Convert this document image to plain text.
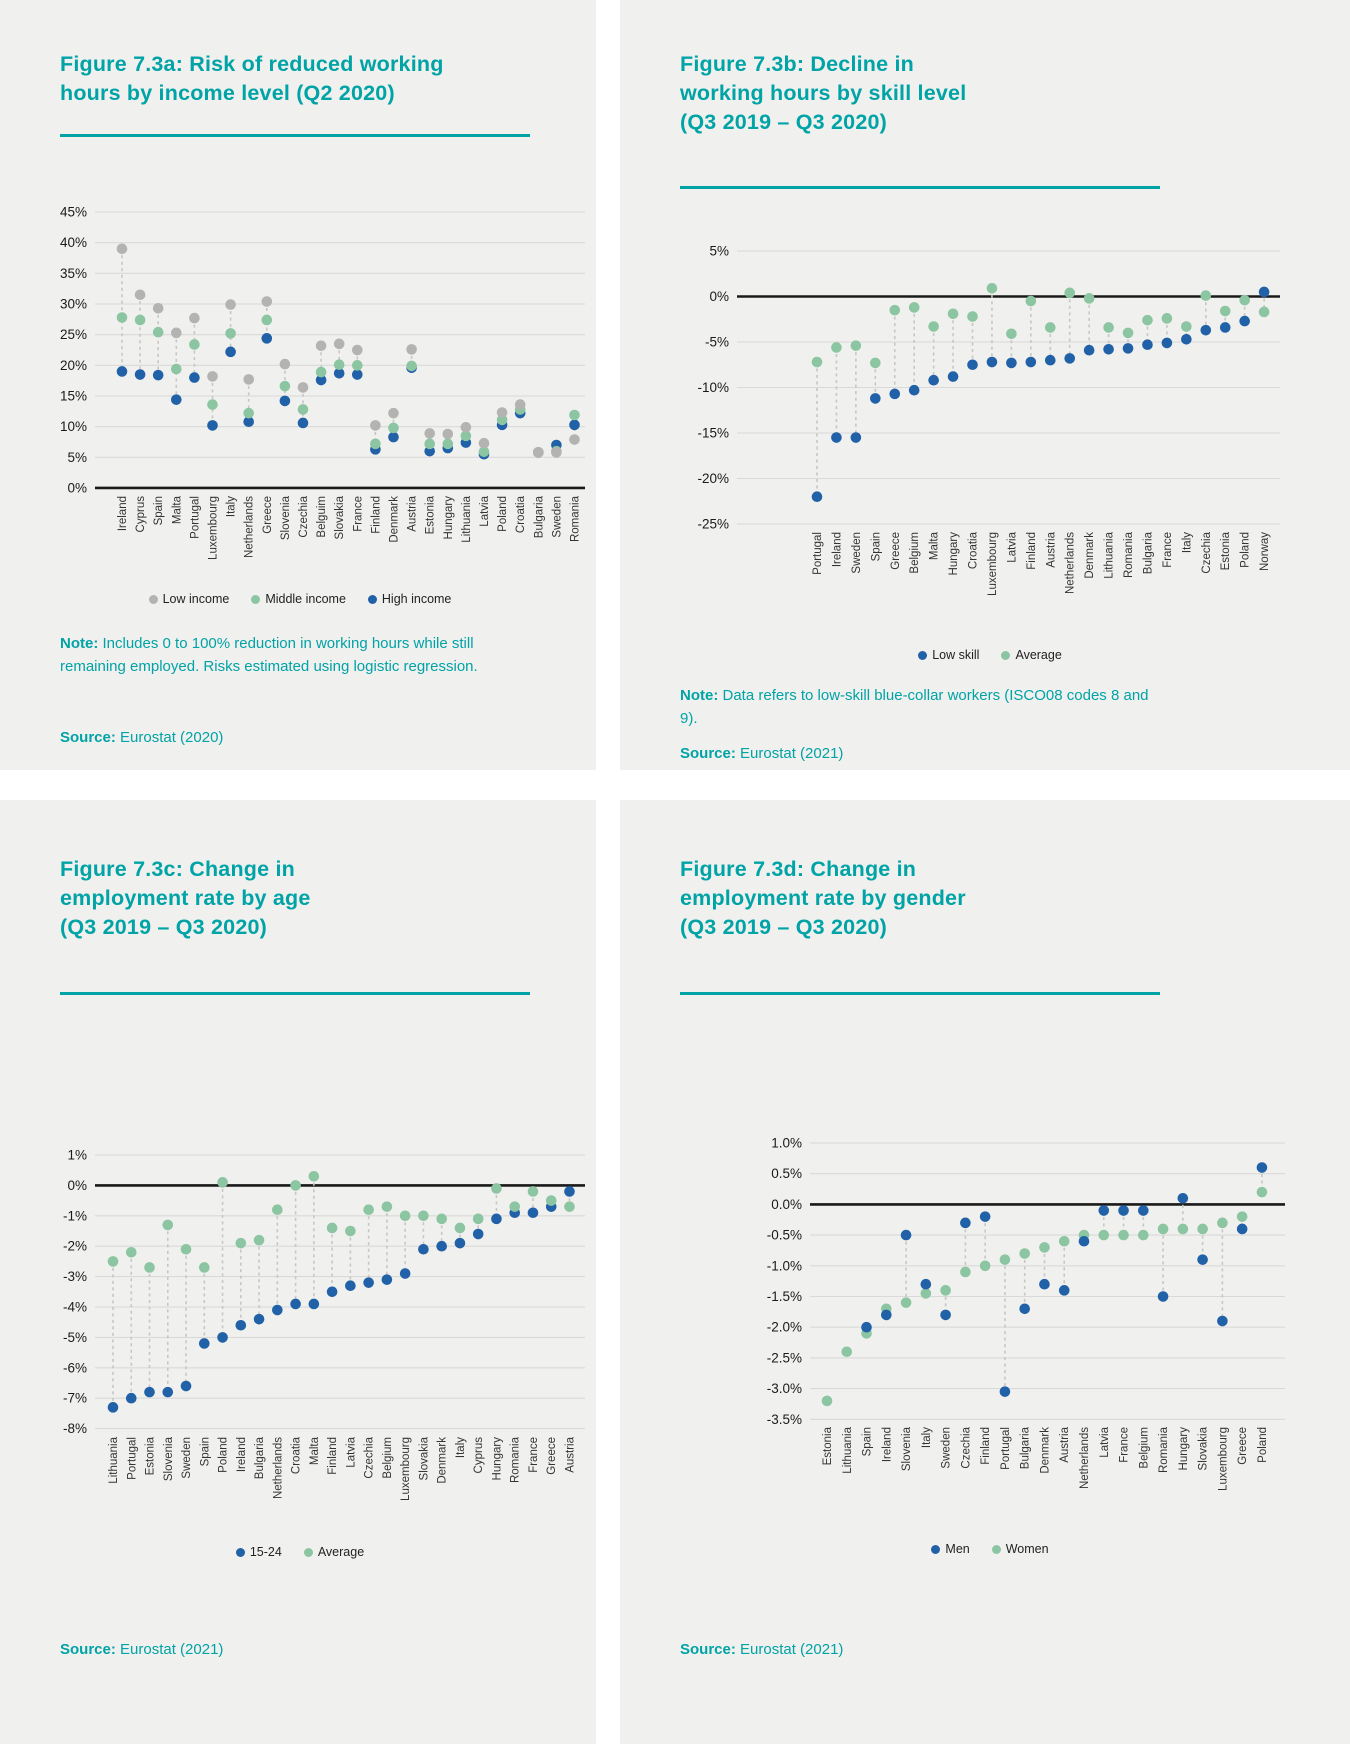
Figure 7.3a: Risk of reduced working
hours by income level (Q2 2020)
45%
40%
35%
30%
25%
20%
15%
10%
5%
0%
Ireland Cyprus Spain Malta Portugal Luxembourg Italy Netherlands Greece Slovenia Czechia Belguim Slovakia France Finland Denmark Austria Estonia Hungary Lithuania Latvia Poland Croatia Bulgaria Sweden Romania
Low income	Middle income	High income

Note: Includes 0 to 100% reduction in working hours while still remaining employed. Risks estimated using logistic regression.

Source: Eurostat (2020)

Figure 7.3b: Decline in
working hours by skill level
(Q3 2019 – Q3 2020)
5%
0%
-5%
-10%
-15%
-20%
-25%
Portugal Ireland Sweden Spain Greece Belgium Malta Hungary Croatia Luxembourg Latvia Finland Austria Netherlands Denmark Lithuania Romania Bulgaria France Italy Czechia Estonia Poland Norway
Low skill	Average

Note: Data refers to low-skill blue-collar workers (ISCO08 codes 8 and 9).

Source: Eurostat (2021)

Figure 7.3c: Change in
employment rate by age
(Q3 2019 – Q3 2020)
1%
0%
-1%
-2%
-3%
-4%
-5%
-6%
-7%
-8%
Lithuania Portugal Estonia Slovenia Sweden Spain Poland Ireland Bulgaria Netherlands Croatia Malta Finland Latvia Czechia Belgium Luxembourg Slovakia Denmark Italy Cyprus Hungary Romania France Greece Austria
15-24	Average

Source: Eurostat (2021)

Figure 7.3d: Change in
employment rate by gender
(Q3 2019 – Q3 2020)
1.0%
0.5%
0.0%
-0.5%
-1.0%
-1.5%
-2.0%
-2.5%
-3.0%
-3.5%
Estonia Lithuania Spain Ireland Slovenia Italy Sweden Czechia Finland Portugal Bulgaria Denmark Austria Netherlands Latvia France Belgium Romania Hungary Slovakia Luxembourg Greece Poland
Men	Women

Source: Eurostat (2021)
